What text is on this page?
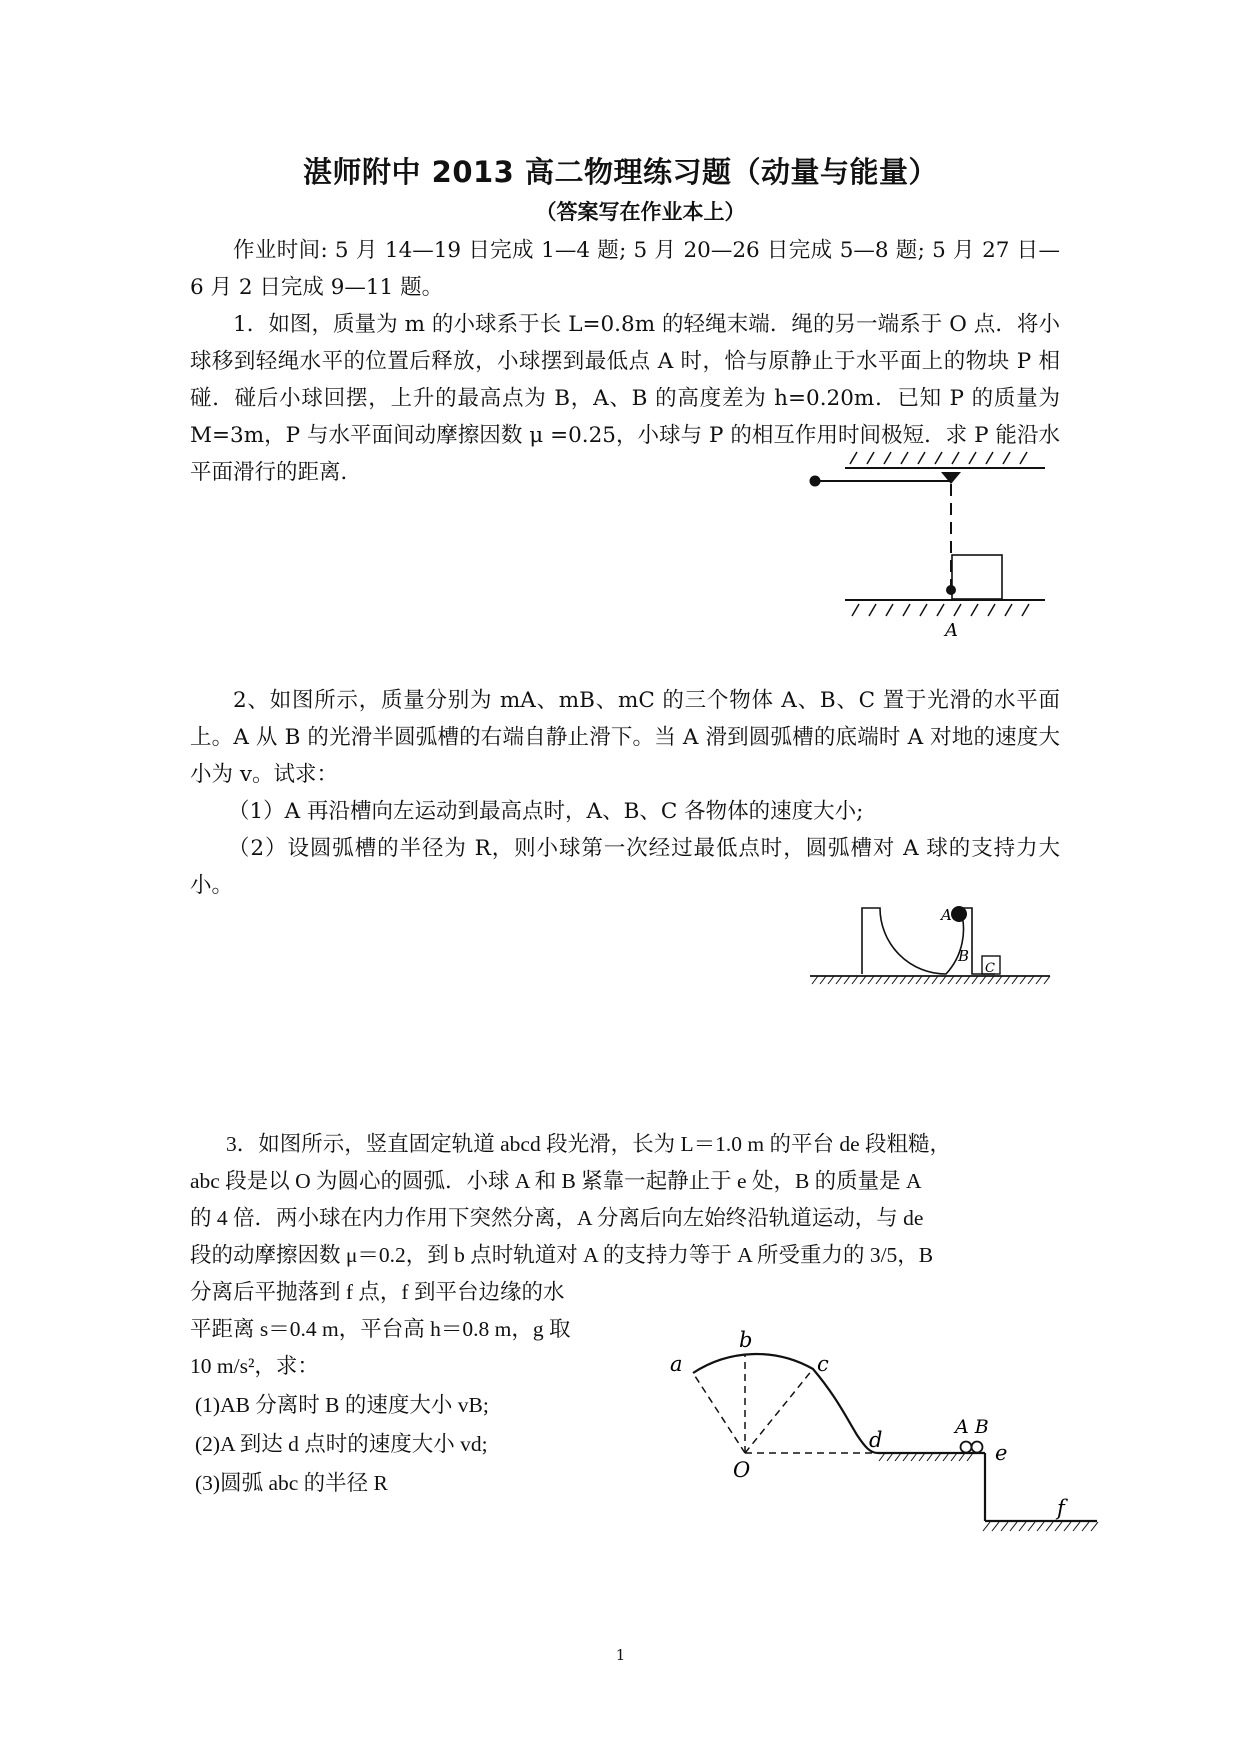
湛师附中 2013 高二物理练习题（动量与能量）
（答案写在作业本上）
作业时间: 5 月 14—19 日完成 1—4 题; 5 月 20—26 日完成 5—8 题; 5 月 27 日—6 月 2 日完成 9—11 题。
1．如图，质量为 m 的小球系于长 L=0.8m 的轻绳末端．绳的另一端系于 O 点．将小球移到轻绳水平的位置后释放，小球摆到最低点 A 时，恰与原静止于水平面上的物块 P 相碰．碰后小球回摆，上升的最高点为 B，A、B 的高度差为 h=0.20m．已知 P 的质量为 M=3m，P 与水平面间动摩擦因数 μ =0.25，小球与 P 的相互作用时间极短．求 P 能沿水平面滑行的距离．
A
2、如图所示，质量分别为 mA、mB、mC 的三个物体 A、B、C 置于光滑的水平面上。A 从 B 的光滑半圆弧槽的右端自静止滑下。当 A 滑到圆弧槽的底端时 A 对地的速度大小为 v。试求：
（1）A 再沿槽向左运动到最高点时，A、B、C 各物体的速度大小;
（2）设圆弧槽的半径为 R，则小球第一次经过最低点时，圆弧槽对 A 球的支持力大小。
A
B
C
3．如图所示，竖直固定轨道 abcd 段光滑，长为 L＝1.0 m 的平台 de 段粗糙，
abc 段是以 O 为圆心的圆弧．小球 A 和 B 紧靠一起静止于 e 处，B 的质量是 A
的 4 倍．两小球在内力作用下突然分离，A 分离后向左始终沿轨道运动，与 de
段的动摩擦因数 μ＝0.2，到 b 点时轨道对 A 的支持力等于 A 所受重力的 3/5，B
分离后平抛落到 f 点，f 到平台边缘的水
平距离 s＝0.4 m，平台高 h＝0.8 m，g 取
10 m/s²，求：
(1)AB 分离时 B 的速度大小 vB;
(2)A 到达 d 点时的速度大小 vd;
(3)圆弧 abc 的半径 R
a
b
c
d
O
A B
e
f
1
